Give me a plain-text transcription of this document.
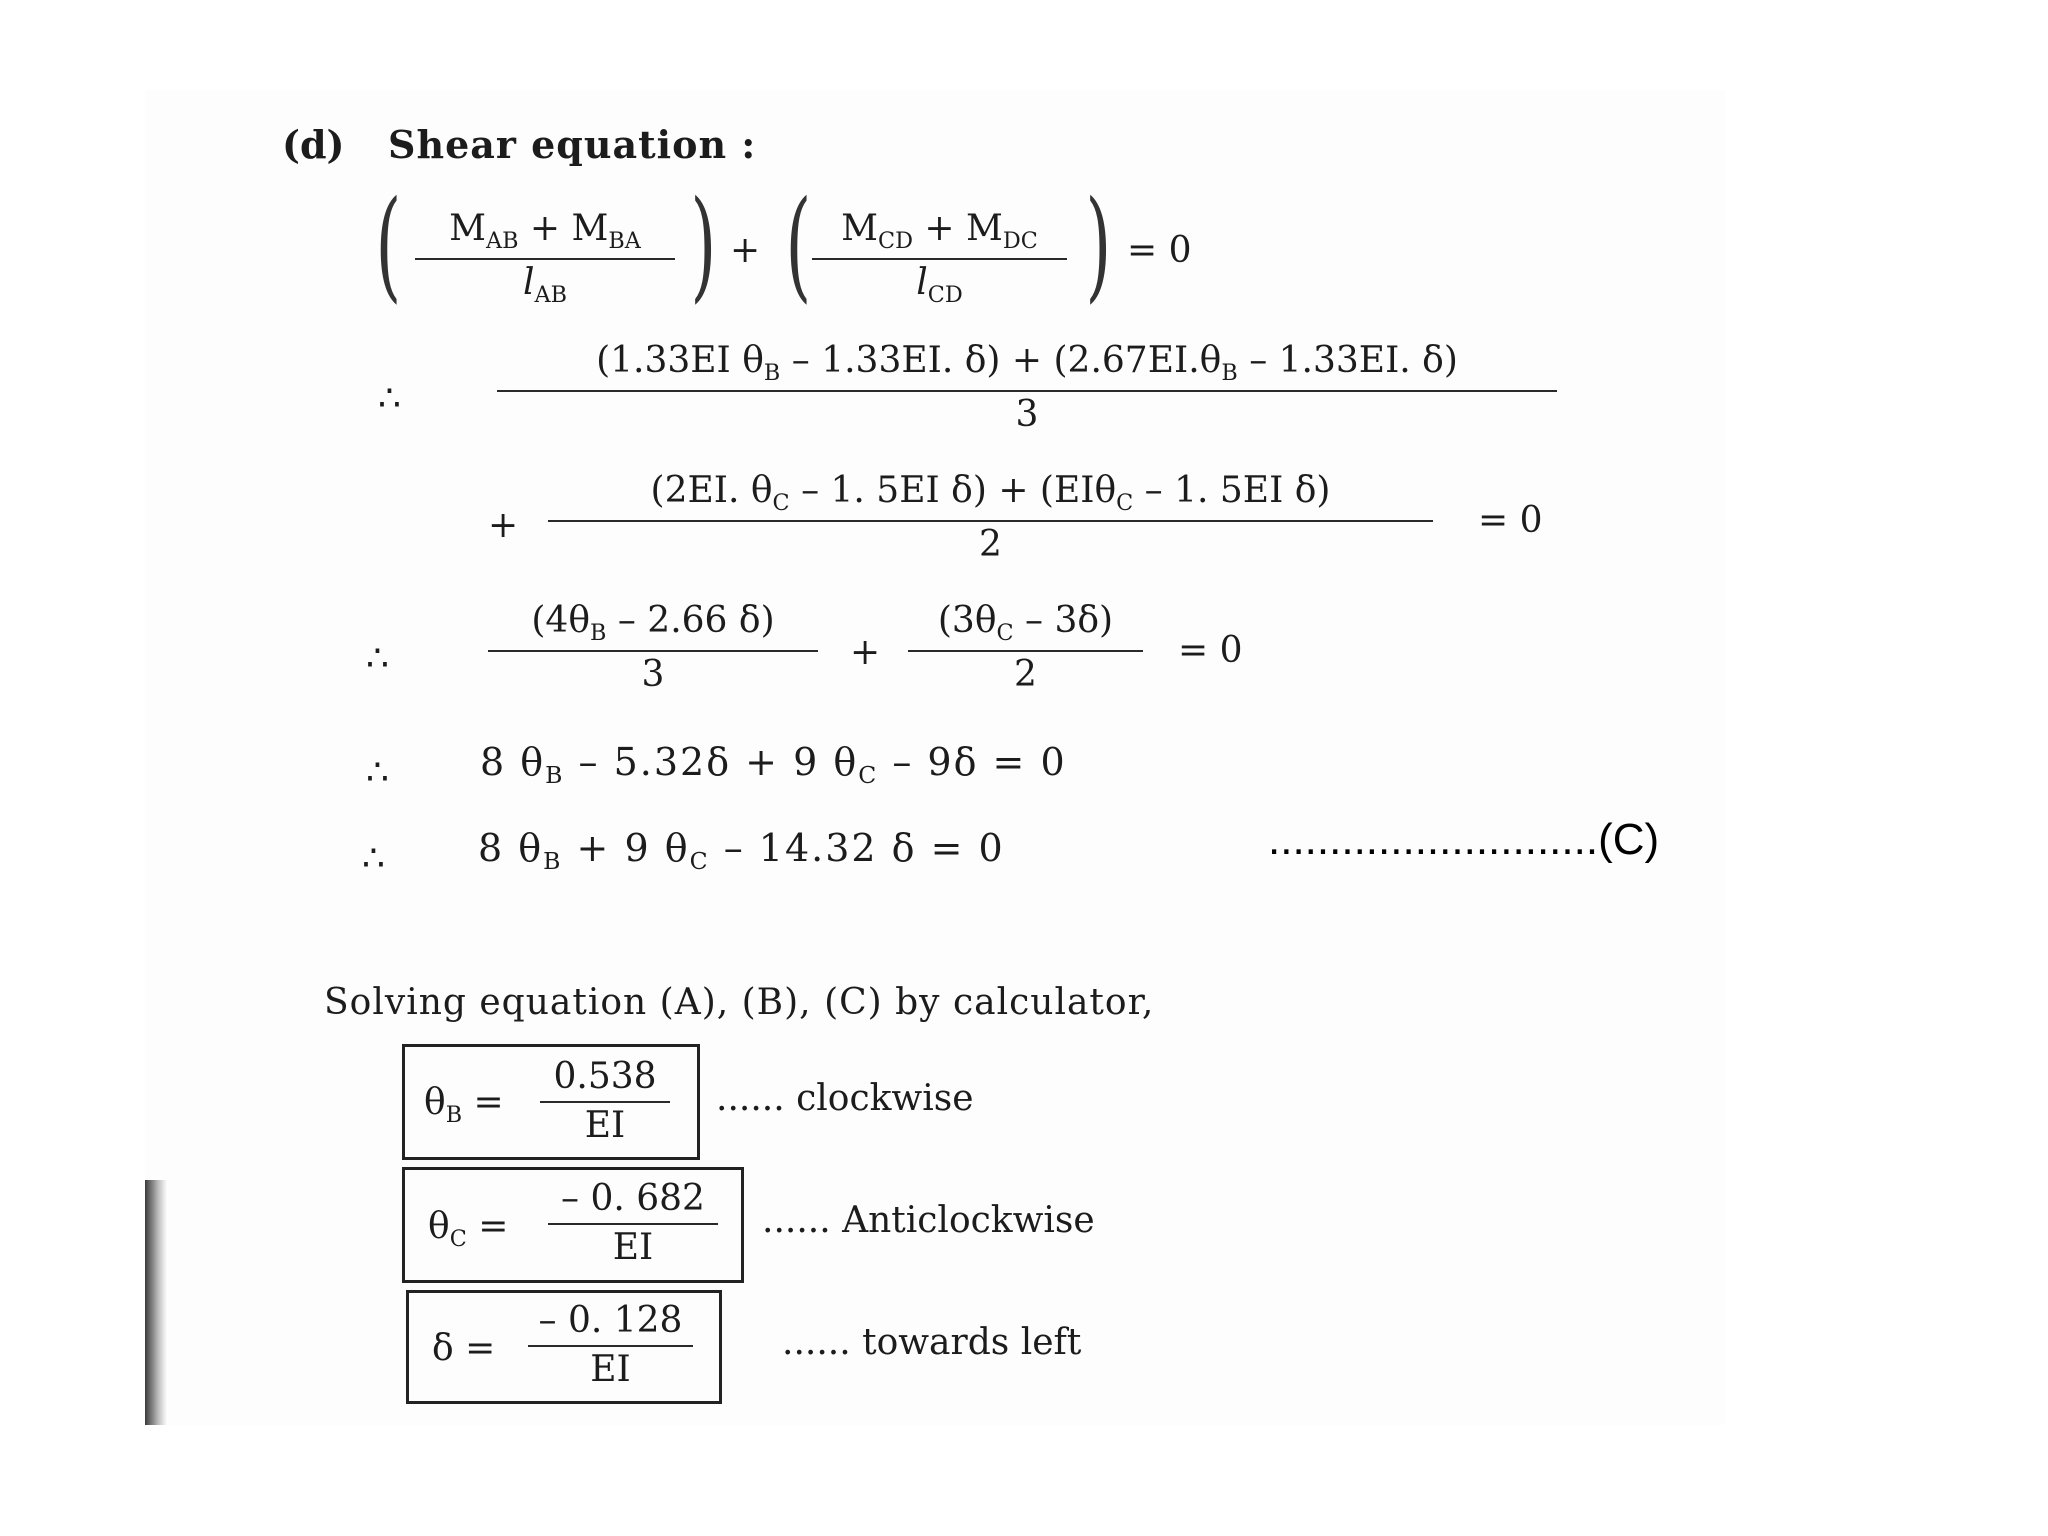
(d) Shear equation :
( $M_{AB} + M_{BA}$
$l_{AB}$ ) + ( $M_{CD} + M_{DC}$
$l_{CD}$ ) = 0
∴
(1.33EI $\theta_B - 1.33EI$. $\delta) + (2.67EI.\theta_B - 1.33EI$. δ)
3
+
(2EI. $\theta_C - 1$. 5EI δ) + (EIθ$_C$ – 1. 5EI δ)
2
= 0
∴
($4\theta_B - 2.66$ δ)
3
+
$(3\theta_C - 3\delta)$
2
= 0
∴ 8 $\theta_B - 5.32\delta + 9$ $\theta_C - 9\delta = 0$
∴ 8 $\theta_B + 9$ $\theta_C - 14.32$ δ = 0	...........................(C)
Solving equation (A), (B), (C) by calculator,
$\theta_B$ =
0.538
EI
...... clockwise
$\theta_C$ =
– 0. 682
EI
...... Anticlockwise
δ =
– 0. 128
EI
...... towards left
